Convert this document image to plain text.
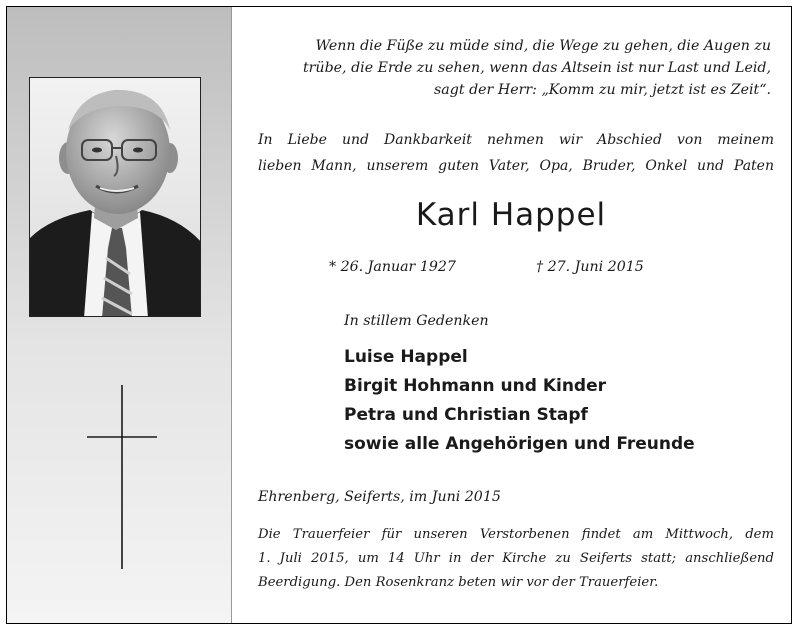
Wenn die Füße zu müde sind, die Wege zu gehen, die Augen zu
trübe, die Erde zu sehen, wenn das Altsein ist nur Last und Leid,
sagt der Herr: „Komm zu mir, jetzt ist es Zeit“.
In Liebe und Dankbarkeit nehmen wir Abschied von meinem
lieben Mann, unserem guten Vater, Opa, Bruder, Onkel und Paten
Karl Happel
* 26. Januar 1927	† 27. Juni 2015
In stillem Gedenken
Luise Happel
Birgit Hohmann und Kinder
Petra und Christian Stapf
sowie alle Angehörigen und Freunde
Ehrenberg, Seiferts, im Juni 2015
Die Trauerfeier für unseren Verstorbenen findet am Mittwoch, dem
1. Juli 2015, um 14 Uhr in der Kirche zu Seiferts statt; anschließend
Beerdigung. Den Rosenkranz beten wir vor der Trauerfeier.
